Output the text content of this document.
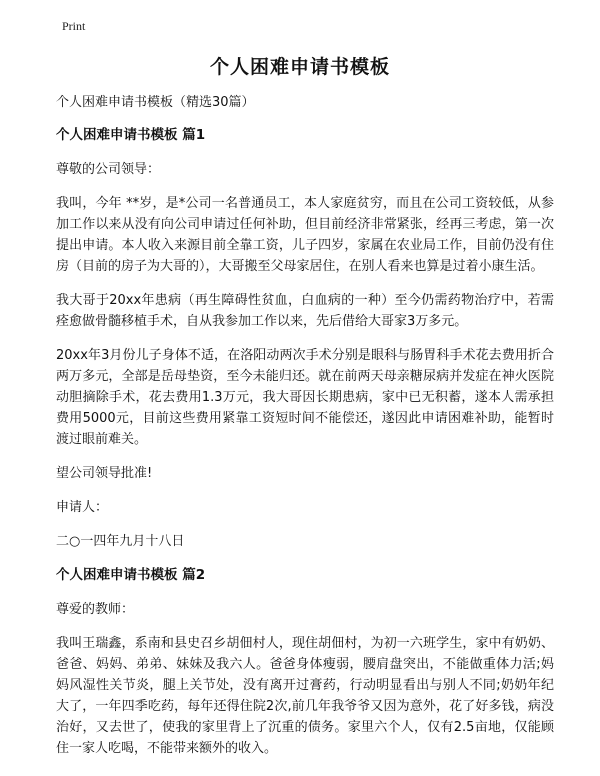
Print
个人困难申请书模板

个人困难申请书模板（精选30篇）

个人困难申请书模板 篇1

尊敬的公司领导：

我叫，今年 **岁，是*公司一名普通员工，本人家庭贫穷，而且在公司工资较低，从参加工作以来从没有向公司申请过任何补助，但目前经济非常紧张，经再三考虑，第一次提出申请。本人收入来源目前全靠工资，儿子四岁，家属在农业局工作，目前仍没有住房（目前的房子为大哥的），大哥搬至父母家居住，在别人看来也算是过着小康生活。

我大哥于20xx年患病（再生障碍性贫血，白血病的一种）至今仍需药物治疗中，若需痊愈做骨髓移植手术，自从我参加工作以来，先后借给大哥家3万多元。

20xx年3月份儿子身体不适，在洛阳动两次手术分别是眼科与肠胃科手术花去费用折合两万多元，全部是岳母垫资，至今未能归还。就在前两天母亲糖尿病并发症在神火医院动胆摘除手术，花去费用1.3万元，我大哥因长期患病，家中已无积蓄，遂本人需承担费用5000元，目前这些费用紧靠工资短时间不能偿还，遂因此申请困难补助，能暂时渡过眼前难关。

望公司领导批准!

申请人：

二○一四年九月十八日

个人困难申请书模板 篇2

尊爱的教师：

我叫王瑞鑫，系南和县史召乡胡佃村人，现住胡佃村，为初一六班学生，家中有奶奶、爸爸、妈妈、弟弟、妹妹及我六人。爸爸身体瘦弱，腰肩盘突出，不能做重体力活;妈妈风湿性关节炎，腿上关节处，没有离开过膏药，行动明显看出与别人不同;奶奶年纪大了，一年四季吃药，每年还得住院2次,前几年我爷爷又因为意外，花了好多钱，病没治好，又去世了，使我的家里背上了沉重的债务。家里六个人，仅有2.5亩地，仅能顾住一家人吃喝，不能带来额外的收入。
